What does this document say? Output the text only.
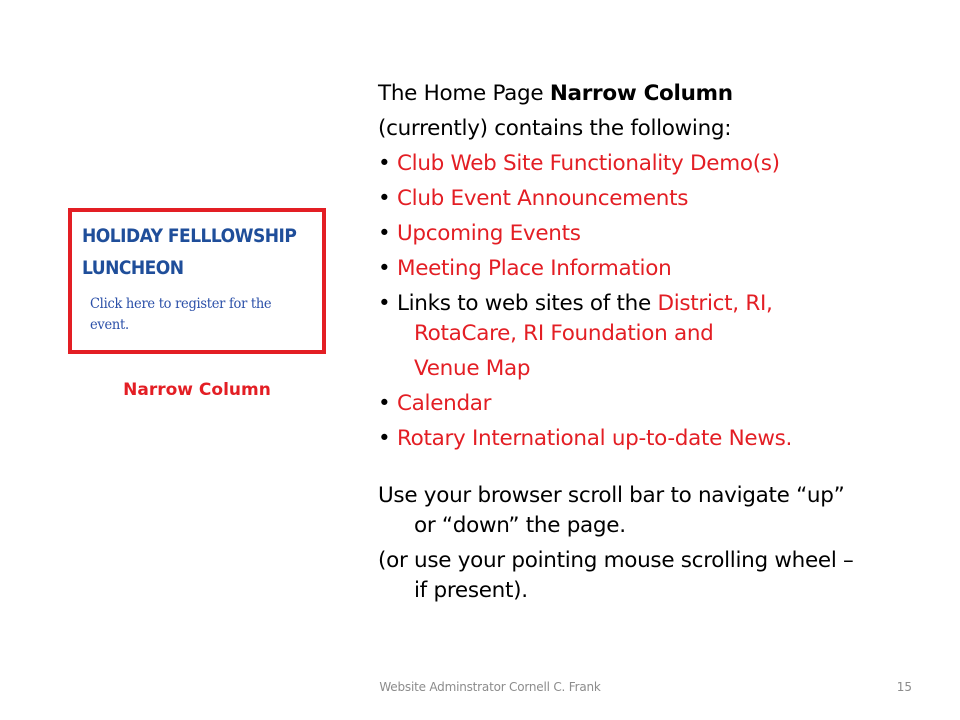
HOLIDAY FELLLOWSHIP
LUNCHEON

Click here to register for the event.

Narrow Column

The Home Page Narrow Column

(currently) contains the following:

• Club Web Site Functionality Demo(s)

• Club Event Announcements

• Upcoming Events

• Meeting Place Information

• Links to web sites of the District, RI,

RotaCare, RI Foundation and

Venue Map

• Calendar

• Rotary International up-to-date News.

Use your browser scroll bar to navigate “up”

or “down” the page.

(or use your pointing mouse scrolling wheel –

if present).

Website Adminstrator Cornell C. Frank	15
